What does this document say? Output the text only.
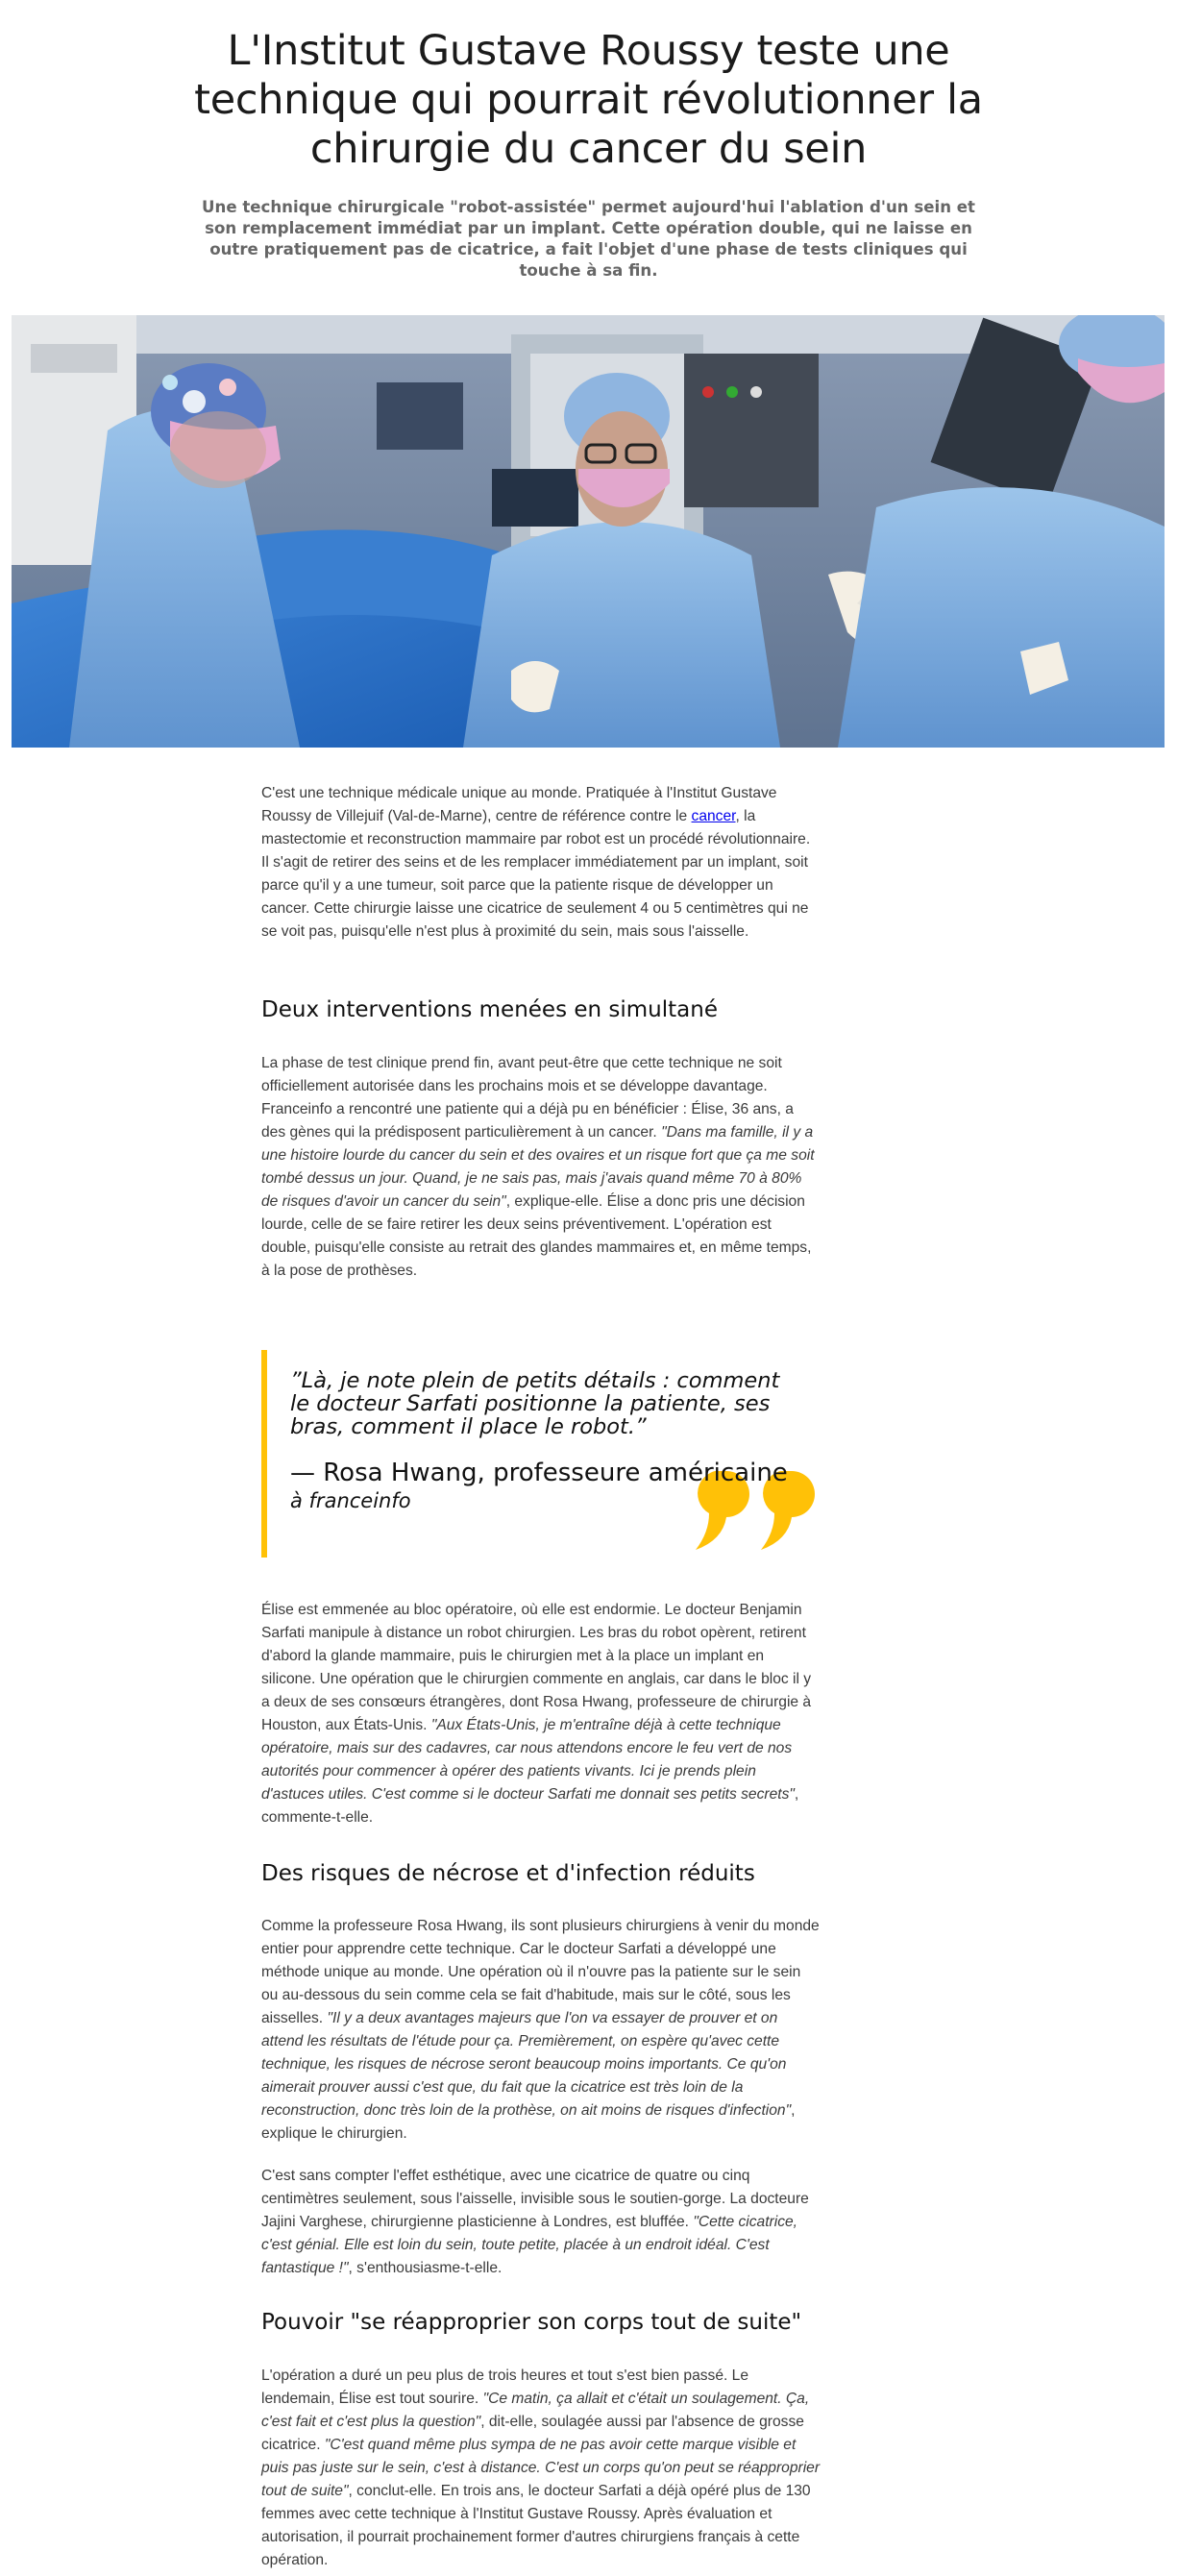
L'Institut Gustave Roussy teste une technique qui pourrait révolutionner la chirurgie du cancer du sein

Une technique chirurgicale "robot-assistée" permet aujourd'hui l'ablation d'un sein et son remplacement immédiat par un implant. Cette opération double, qui ne laisse en outre pratiquement pas de cicatrice, a fait l'objet d'une phase de tests cliniques qui touche à sa fin.

C'est une technique médicale unique au monde. Pratiquée à l'Institut Gustave Roussy de Villejuif (Val-de-Marne), centre de référence contre le cancer, la mastectomie et reconstruction mammaire par robot est un procédé révolutionnaire. Il s'agit de retirer des seins et de les remplacer immédiatement par un implant, soit parce qu'il y a une tumeur, soit parce que la patiente risque de développer un cancer. Cette chirurgie laisse une cicatrice de seulement 4 ou 5 centimètres qui ne se voit pas, puisqu'elle n'est plus à proximité du sein, mais sous l'aisselle.
Deux interventions menées en simultané
La phase de test clinique prend fin, avant peut-être que cette technique ne soit officiellement autorisée dans les prochains mois et se développe davantage. Franceinfo a rencontré une patiente qui a déjà pu en bénéficier : Élise, 36 ans, a des gènes qui la prédisposent particulièrement à un cancer. "Dans ma famille, il y a une histoire lourde du cancer du sein et des ovaires et un risque fort que ça me soit tombé dessus un jour. Quand, je ne sais pas, mais j'avais quand même 70 à 80% de risques d'avoir un cancer du sein", explique-elle. Élise a donc pris une décision lourde, celle de se faire retirer les deux seins préventivement. L'opération est double, puisqu'elle consiste au retrait des glandes mammaires et, en même temps, à la pose de prothèses.

”Là, je note plein de petits détails : comment le docteur Sarfati positionne la patiente, ses bras, comment il place le robot.”

— Rosa Hwang, professeure américaine

à franceinfo

Élise est emmenée au bloc opératoire, où elle est endormie. Le docteur Benjamin Sarfati manipule à distance un robot chirurgien. Les bras du robot opèrent, retirent d'abord la glande mammaire, puis le chirurgien met à la place un implant en silicone. Une opération que le chirurgien commente en anglais, car dans le bloc il y a deux de ses consœurs étrangères, dont Rosa Hwang, professeure de chirurgie à Houston, aux États-Unis. "Aux États-Unis, je m'entraîne déjà à cette technique opératoire, mais sur des cadavres, car nous attendons encore le feu vert de nos autorités pour commencer à opérer des patients vivants. Ici je prends plein d'astuces utiles. C'est comme si le docteur Sarfati me donnait ses petits secrets", commente-t-elle.
Des risques de nécrose et d'infection réduits
Comme la professeure Rosa Hwang, ils sont plusieurs chirurgiens à venir du monde entier pour apprendre cette technique. Car le docteur Sarfati a développé une méthode unique au monde. Une opération où il n'ouvre pas la patiente sur le sein ou au-dessous du sein comme cela se fait d'habitude, mais sur le côté, sous les aisselles. "Il y a deux avantages majeurs que l'on va essayer de prouver et on attend les résultats de l'étude pour ça. Premièrement, on espère qu'avec cette technique, les risques de nécrose seront beaucoup moins importants. Ce qu'on aimerait prouver aussi c'est que, du fait que la cicatrice est très loin de la reconstruction, donc très loin de la prothèse, on ait moins de risques d'infection", explique le chirurgien.
C'est sans compter l'effet esthétique, avec une cicatrice de quatre ou cinq centimètres seulement, sous l'aisselle, invisible sous le soutien-gorge. La docteure Jajini Varghese, chirurgienne plasticienne à Londres, est bluffée. "Cette cicatrice, c'est génial. Elle est loin du sein, toute petite, placée à un endroit idéal. C'est fantastique !", s'enthousiasme-t-elle.
Pouvoir "se réapproprier son corps tout de suite"
L'opération a duré un peu plus de trois heures et tout s'est bien passé. Le lendemain, Élise est tout sourire. "Ce matin, ça allait et c'était un soulagement. Ça, c'est fait et c'est plus la question", dit-elle, soulagée aussi par l'absence de grosse cicatrice. "C'est quand même plus sympa de ne pas avoir cette marque visible et puis pas juste sur le sein, c'est à distance. C'est un corps qu'on peut se réapproprier tout de suite", conclut-elle. En trois ans, le docteur Sarfati a déjà opéré plus de 130 femmes avec cette technique à l'Institut Gustave Roussy. Après évaluation et autorisation, il pourrait prochainement former d'autres chirurgiens français à cette opération.
